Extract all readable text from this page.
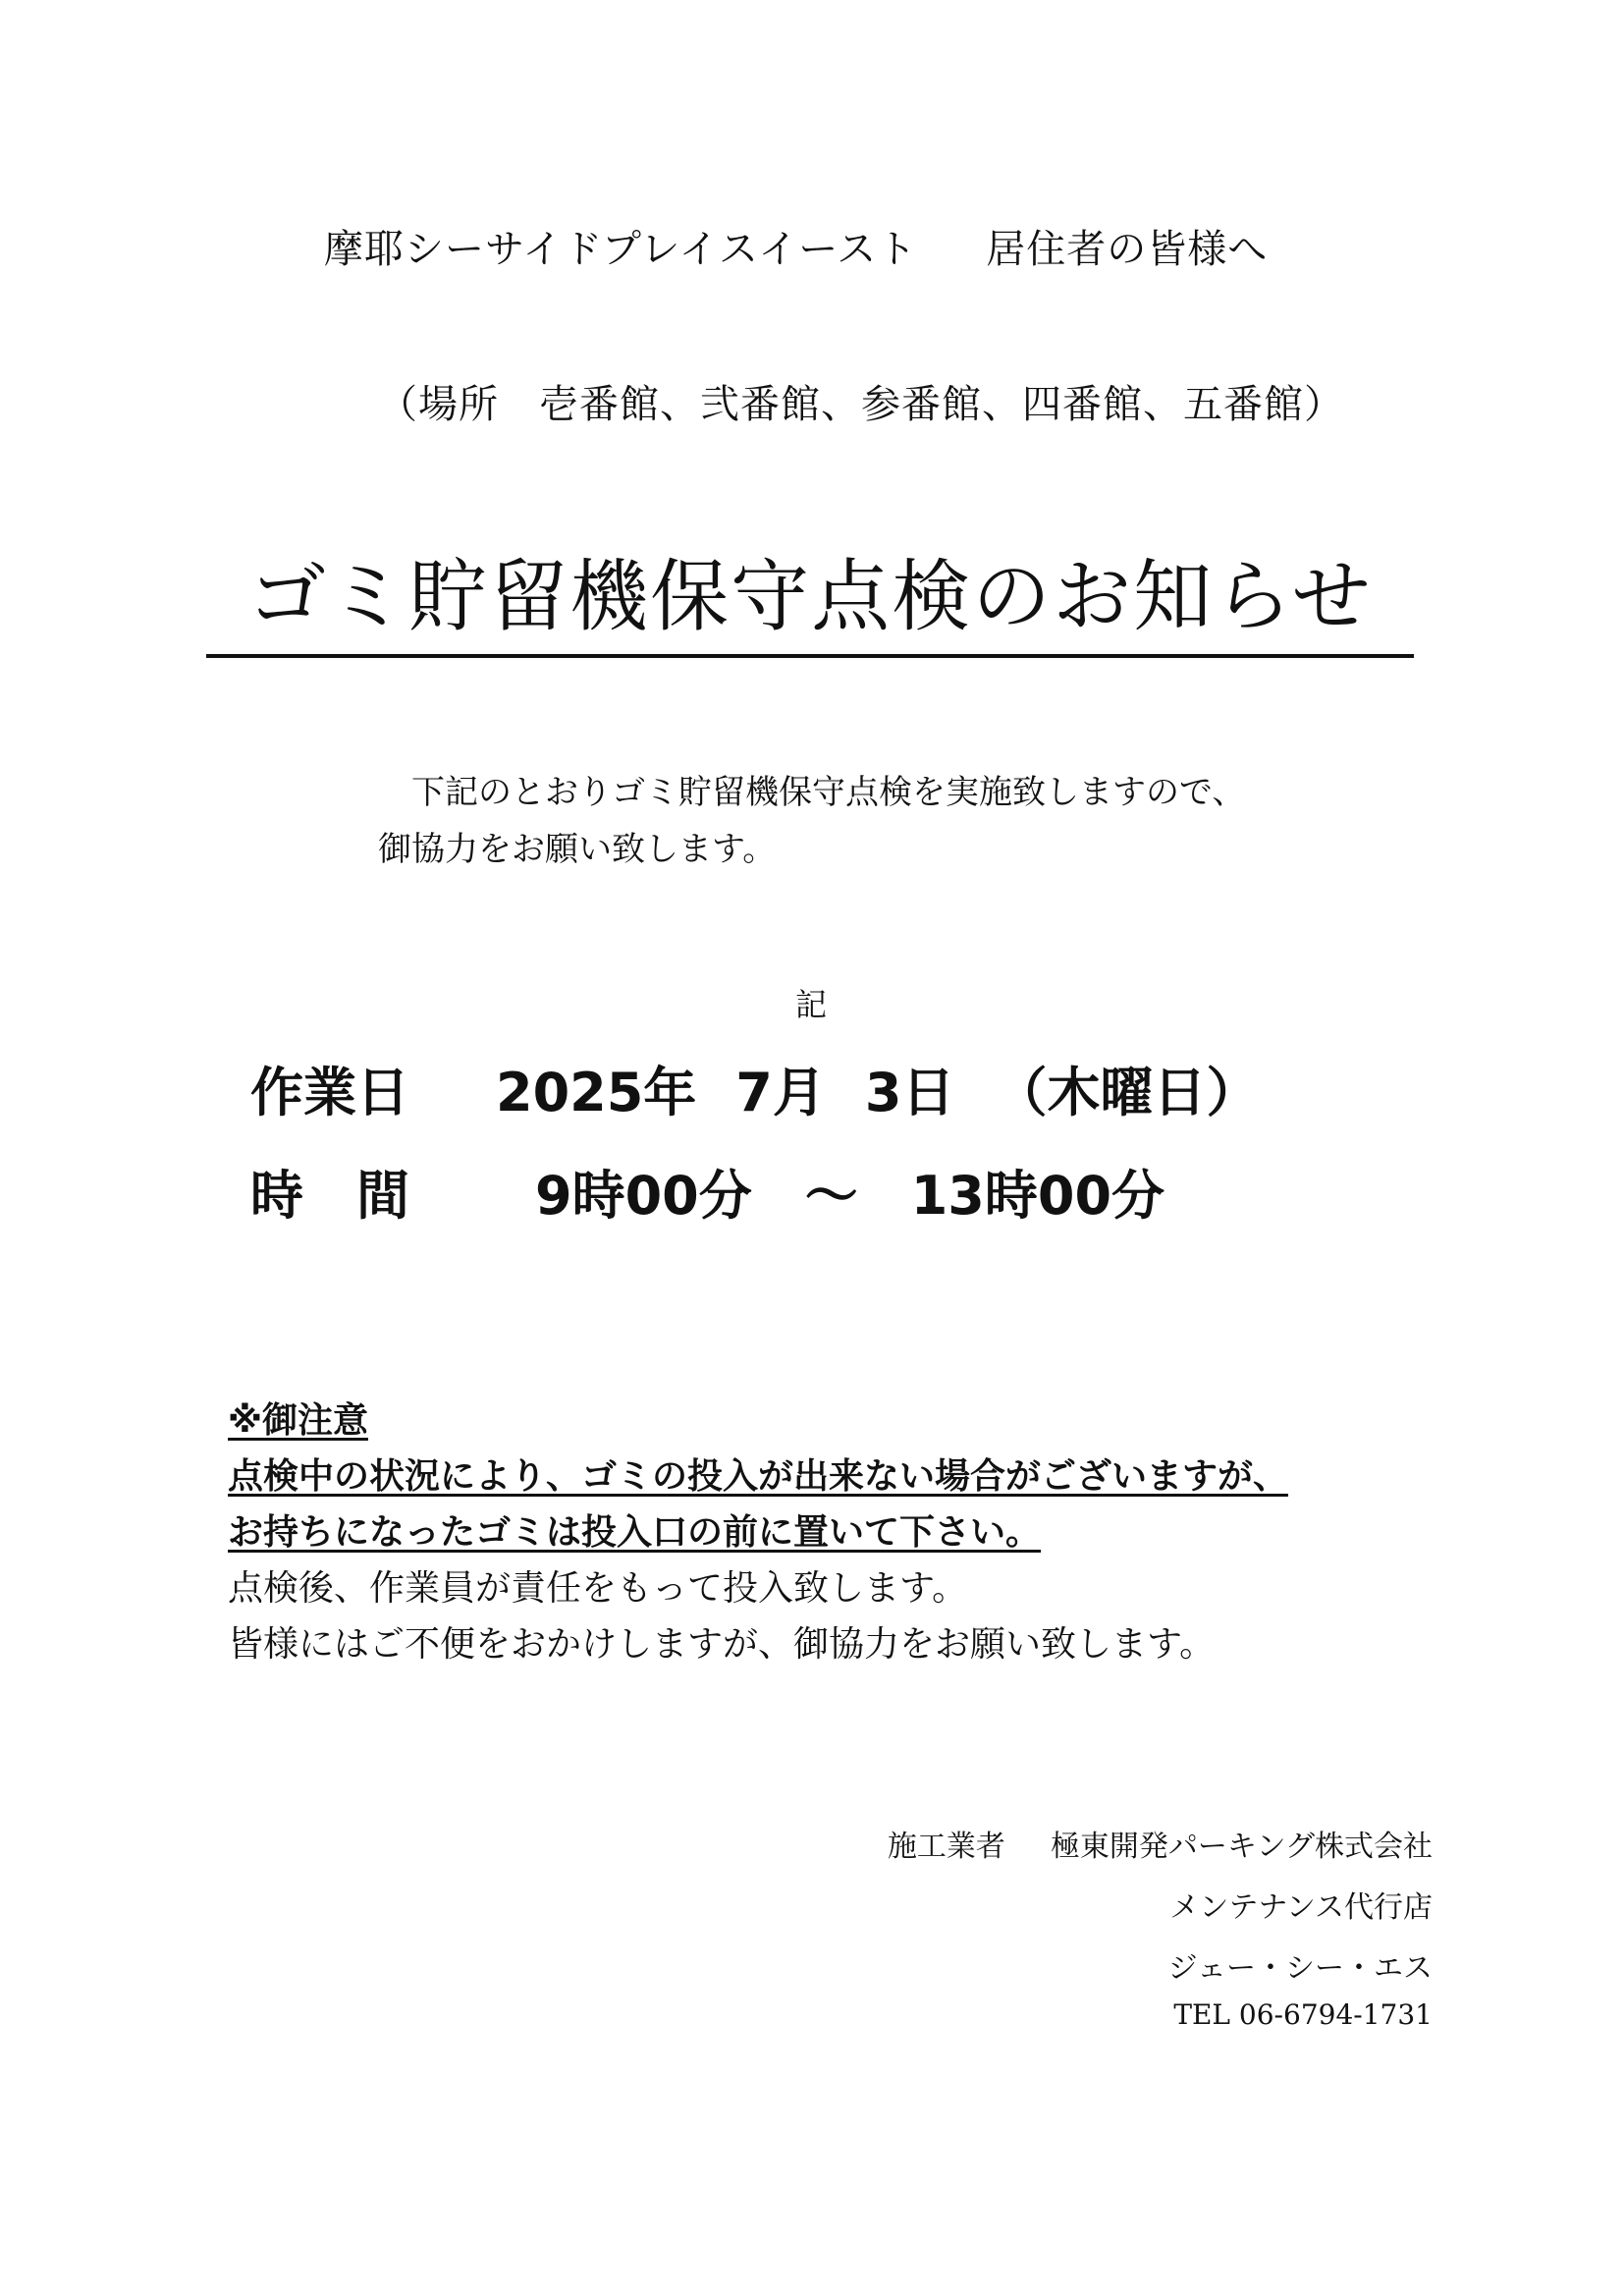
摩耶シーサイドプレイスイースト 居住者の皆様へ
（場所　壱番館、弐番館、参番館、四番館、五番館）
ゴミ貯留機保守点検のお知らせ
下記のとおりゴミ貯留機保守点検を実施致しますので、
御協力をお願い致します。
記
作業日 2025年 7月 3日 （木曜日）
時　間 9時00分　～　13時00分
※御注意
点検中の状況により、ゴミの投入が出来ない場合がございますが、
お持ちになったゴミは投入口の前に置いて下さい。
点検後、作業員が責任をもって投入致します。
皆様にはご不便をおかけしますが、御協力をお願い致します。
施工業者 極東開発パーキング株式会社
メンテナンス代行店
ジェー・シー・エス
TEL 06-6794-1731
